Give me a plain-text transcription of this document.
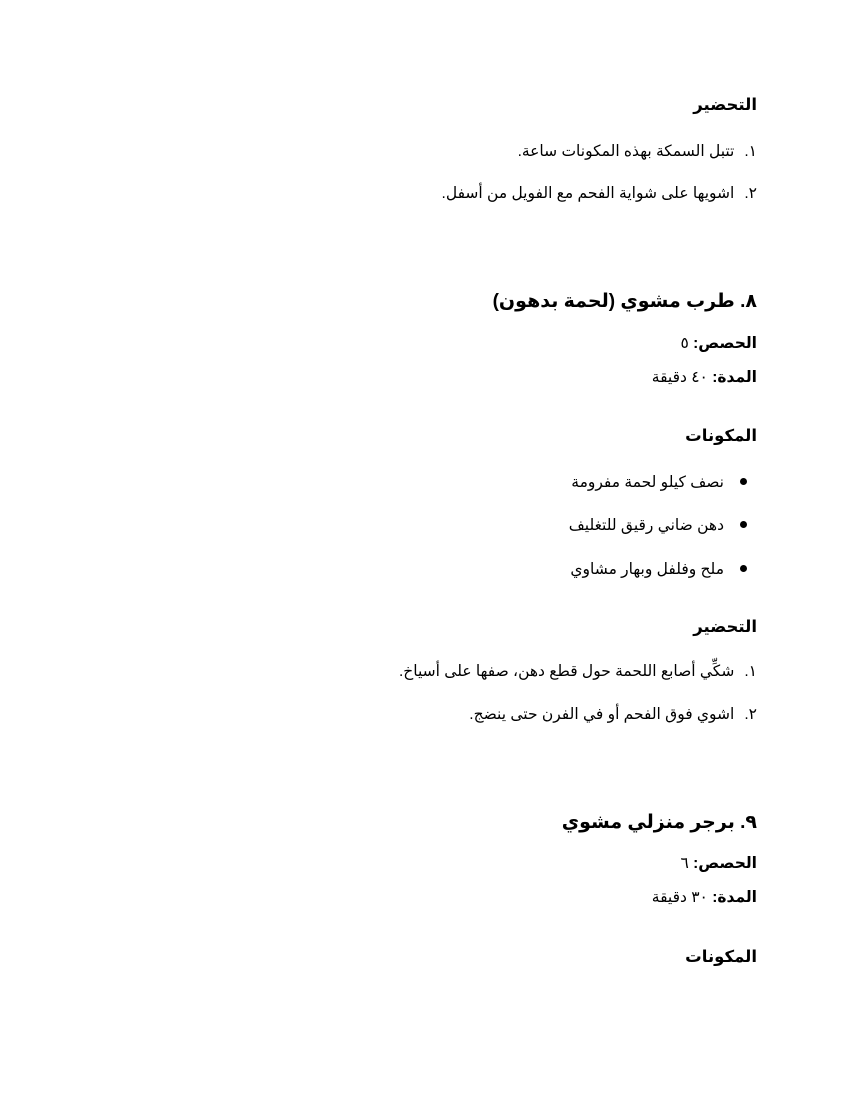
التحضير
١.تتبل السمكة بهذه المكونات ساعة.
٢.اشويها على شواية الفحم مع الفويل من أسفل.
٨. طرب مشوي (لحمة بدهون)
الحصص: ٥
المدة: ٤٠ دقيقة
المكونات
نصف كيلو لحمة مفرومة
دهن ضاني رقيق للتغليف
ملح وفلفل وبهار مشاوي
التحضير
١.شكِّي أصابع اللحمة حول قطع دهن، صفها على أسياخ.
٢.اشوي فوق الفحم أو في الفرن حتى ينضج.
٩. برجر منزلي مشوي
الحصص: ٦
المدة: ٣٠ دقيقة
المكونات
